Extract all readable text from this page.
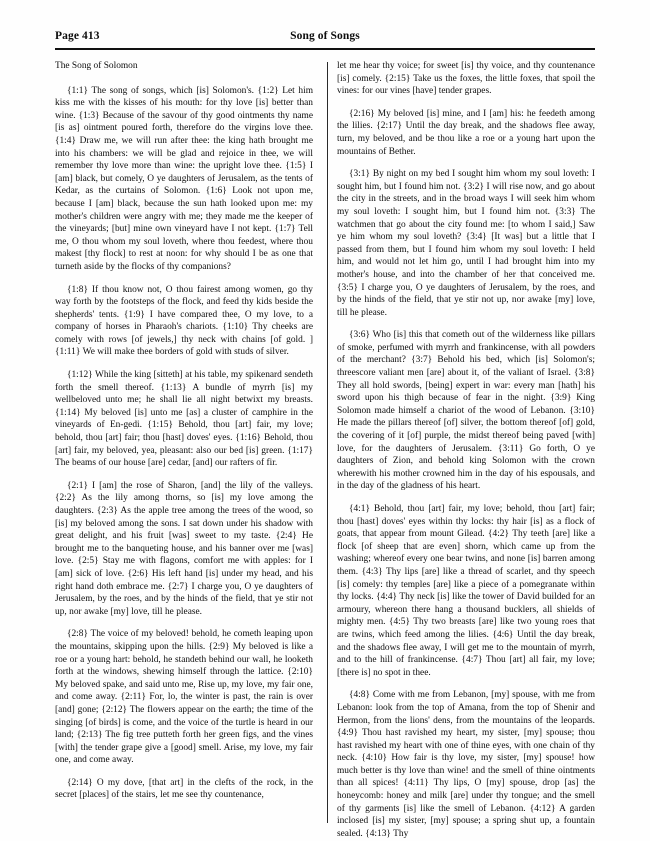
Page 413	Song of Songs
The Song of Solomon

{1:1} The song of songs, which [is] Solomon's. {1:2} Let him kiss me with the kisses of his mouth: for thy love [is] better than wine. {1:3} Because of the savour of thy good ointments thy name [is as] ointment poured forth, therefore do the virgins love thee. {1:4} Draw me, we will run after thee: the king hath brought me into his chambers: we will be glad and rejoice in thee, we will remember thy love more than wine: the upright love thee. {1:5} I [am] black, but comely, O ye daughters of Jerusalem, as the tents of Kedar, as the curtains of Solomon. {1:6} Look not upon me, because I [am] black, because the sun hath looked upon me: my mother's children were angry with me; they made me the keeper of the vineyards; [but] mine own vineyard have I not kept. {1:7} Tell me, O thou whom my soul loveth, where thou feedest, where thou makest [thy flock] to rest at noon: for why should I be as one that turneth aside by the flocks of thy companions?

{1:8} If thou know not, O thou fairest among women, go thy way forth by the footsteps of the flock, and feed thy kids beside the shepherds' tents. {1:9} I have compared thee, O my love, to a company of horses in Pharaoh's chariots. {1:10} Thy cheeks are comely with rows [of jewels,] thy neck with chains [of gold. ]{1:11} We will make thee borders of gold with studs of silver.

{1:12} While the king [sitteth] at his table, my spikenard sendeth forth the smell thereof. {1:13} A bundle of myrrh [is] my wellbeloved unto me; he shall lie all night betwixt my breasts. {1:14} My beloved [is] unto me [as] a cluster of camphire in the vineyards of En-gedi. {1:15} Behold, thou [art] fair, my love; behold, thou [art] fair; thou [hast] doves' eyes. {1:16} Behold, thou [art] fair, my beloved, yea, pleasant: also our bed [is] green. {1:17} The beams of our house [are] cedar, [and] our rafters of fir.

{2:1} I [am] the rose of Sharon, [and] the lily of the valleys. {2:2} As the lily among thorns, so [is] my love among the daughters. {2:3} As the apple tree among the trees of the wood, so [is] my beloved among the sons. I sat down under his shadow with great delight, and his fruit [was] sweet to my taste. {2:4} He brought me to the banqueting house, and his banner over me [was] love. {2:5} Stay me with flagons, comfort me with apples: for I [am] sick of love. {2:6} His left hand [is] under my head, and his right hand doth embrace me. {2:7} I charge you, O ye daughters of Jerusalem, by the roes, and by the hinds of the field, that ye stir not up, nor awake [my] love, till he please.

{2:8} The voice of my beloved! behold, he cometh leaping upon the mountains, skipping upon the hills. {2:9} My beloved is like a roe or a young hart: behold, he standeth behind our wall, he looketh forth at the windows, shewing himself through the lattice. {2:10} My beloved spake, and said unto me, Rise up, my love, my fair one, and come away. {2:11} For, lo, the winter is past, the rain is over [and] gone; {2:12} The flowers appear on the earth; the time of the singing [of birds] is come, and the voice of the turtle is heard in our land; {2:13} The fig tree putteth forth her green figs, and the vines [with] the tender grape give a [good] smell. Arise, my love, my fair one, and come away.

{2:14} O my dove, [that art] in the clefts of the rock, in the secret [places] of the stairs, let me see thy countenance,

let me hear thy voice; for sweet [is] thy voice, and thy countenance [is] comely. {2:15} Take us the foxes, the little foxes, that spoil the vines: for our vines [have] tender grapes.

{2:16} My beloved [is] mine, and I [am] his: he feedeth among the lilies. {2:17} Until the day break, and the shadows flee away, turn, my beloved, and be thou like a roe or a young hart upon the mountains of Bether.

{3:1} By night on my bed I sought him whom my soul loveth: I sought him, but I found him not. {3:2} I will rise now, and go about the city in the streets, and in the broad ways I will seek him whom my soul loveth: I sought him, but I found him not. {3:3} The watchmen that go about the city found me: [to whom I said,] Saw ye him whom my soul loveth? {3:4} [It was] but a little that I passed from them, but I found him whom my soul loveth: I held him, and would not let him go, until I had brought him into my mother's house, and into the chamber of her that conceived me. {3:5} I charge you, O ye daughters of Jerusalem, by the roes, and by the hinds of the field, that ye stir not up, nor awake [my] love, till he please.

{3:6} Who [is] this that cometh out of the wilderness like pillars of smoke, perfumed with myrrh and frankincense, with all powders of the merchant? {3:7} Behold his bed, which [is] Solomon's; threescore valiant men [are] about it, of the valiant of Israel. {3:8} They all hold swords, [being] expert in war: every man [hath] his sword upon his thigh because of fear in the night. {3:9} King Solomon made himself a chariot of the wood of Lebanon. {3:10} He made the pillars thereof [of] silver, the bottom thereof [of] gold, the covering of it [of] purple, the midst thereof being paved [with] love, for the daughters of Jerusalem. {3:11} Go forth, O ye daughters of Zion, and behold king Solomon with the crown wherewith his mother crowned him in the day of his espousals, and in the day of the gladness of his heart.

{4:1} Behold, thou [art] fair, my love; behold, thou [art] fair; thou [hast] doves' eyes within thy locks: thy hair [is] as a flock of goats, that appear from mount Gilead. {4:2} Thy teeth [are] like a flock [of sheep that are even] shorn, which came up from the washing; whereof every one bear twins, and none [is] barren among them. {4:3} Thy lips [are] like a thread of scarlet, and thy speech [is] comely: thy temples [are] like a piece of a pomegranate within thy locks. {4:4} Thy neck [is] like the tower of David builded for an armoury, whereon there hang a thousand bucklers, all shields of mighty men. {4:5} Thy two breasts [are] like two young roes that are twins, which feed among the lilies. {4:6} Until the day break, and the shadows flee away, I will get me to the mountain of myrrh, and to the hill of frankincense. {4:7} Thou [art] all fair, my love; [there is] no spot in thee.

{4:8} Come with me from Lebanon, [my] spouse, with me from Lebanon: look from the top of Amana, from the top of Shenir and Hermon, from the lions' dens, from the mountains of the leopards. {4:9} Thou hast ravished my heart, my sister, [my] spouse; thou hast ravished my heart with one of thine eyes, with one chain of thy neck. {4:10} How fair is thy love, my sister, [my] spouse! how much better is thy love than wine! and the smell of thine ointments than all spices! {4:11} Thy lips, O [my] spouse, drop [as] the honeycomb: honey and milk [are] under thy tongue; and the smell of thy garments [is] like the smell of Lebanon. {4:12} A garden inclosed [is] my sister, [my] spouse; a spring shut up, a fountain sealed. {4:13} Thy
